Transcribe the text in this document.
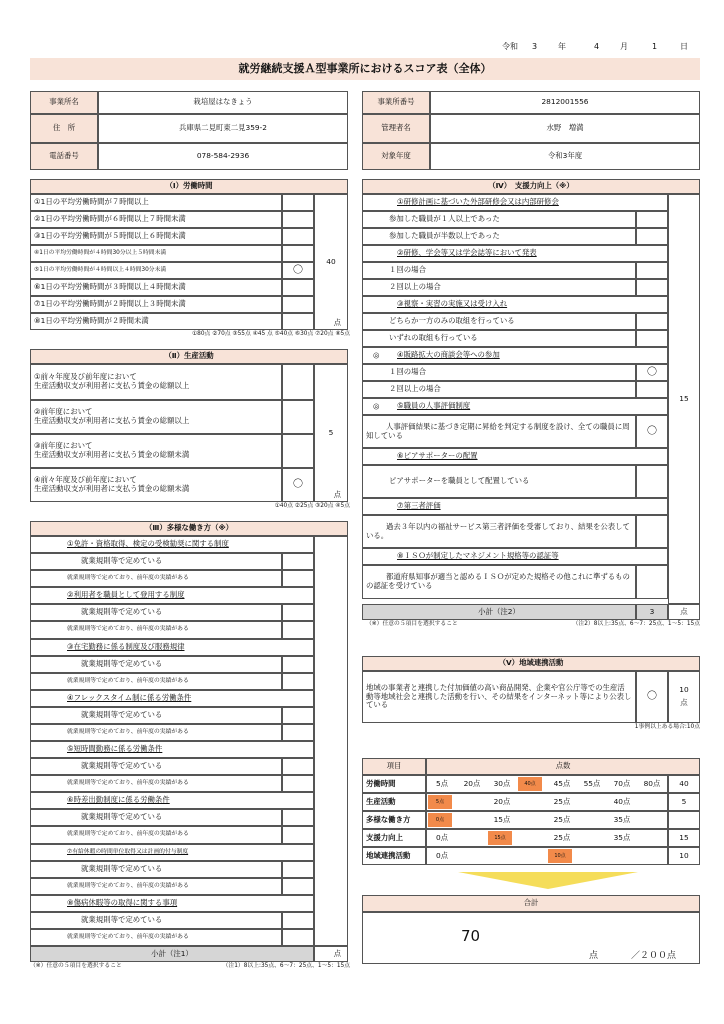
令和 3	年	4	月	1	日
就労継続支援Ａ型事業所におけるスコア表（全体）
事業所名	栽培屋はなきょう
住　所	兵庫県二見町東二見359-2
電話番号	078-584-2936
事業所番号	2812001556
管理者名	水野　増満
対象年度	令和3年度
（Ⅰ）労働時間
①1日の平均労働時間が７時間以上
②1日の平均労働時間が６時間以上７時間未満
③1日の平均労働時間が５時間以上６時間未満
④1日の平均労働時間が４時間30分以上５時間未満
⑤1日の平均労働時間が４時間以上４時間30分未満	〇
⑥1日の平均労働時間が３時間以上４時間未満
⑦1日の平均労働時間が２時間以上３時間未満
⑧1日の平均労働時間が２時間未満
40
点
①80点 ②70点 ③55点 ④45 点 ⑤40点 ⑥30点 ⑦20点 ⑧5点
（Ⅱ）生産活動
①前々年度及び前年度において
生産活動収支が利用者に支払う賃金の総額以上
②前年度において
生産活動収支が利用者に支払う賃金の総額以上
③前年度において
生産活動収支が利用者に支払う賃金の総額未満
④前々年度及び前年度において
生産活動収支が利用者に支払う賃金の総額未満	〇
5
点
①40点 ②25点 ③20点 ④5点
（Ⅲ）多様な働き方（※）
①免許・資格取得、検定の受検勧奨に関する制度
就業規則等で定めている
就業規則等で定めており、前年度の実績がある
②利用者を職員として登用する制度
就業規則等で定めている
就業規則等で定めており、前年度の実績がある
③在宅勤務に係る制度及び服務規律
就業規則等で定めている
就業規則等で定めており、前年度の実績がある
④フレックスタイム制に係る労働条件
就業規則等で定めている
就業規則等で定めており、前年度の実績がある
⑤短時間勤務に係る労働条件
就業規則等で定めている
就業規則等で定めており、前年度の実績がある
⑥時差出勤制度に係る労働条件
就業規則等で定めている
就業規則等で定めており、前年度の実績がある
⑦有給休暇の時間単位取得又は計画的付与制度
就業規則等で定めている
就業規則等で定めており、前年度の実績がある
⑧傷病休暇等の取得に関する事項
就業規則等で定めている
就業規則等で定めており、前年度の実績がある
小計（注1）	点
（※）任意の５項目を選択すること	（注1）8以上:35点、6〜7：25点、1〜5：15点
（Ⅳ）　支援力向上（※）
①研修計画に基づいた外部研修会又は内部研修会
参加した職員が１人以上であった
参加した職員が半数以上であった
②研修、学会等又は学会誌等において発表
１回の場合
２回以上の場合
③視察・実習の実施又は受け入れ
どちらか一方のみの取組を行っている
いずれの取組も行っている
④販路拡大の商談会等への参加
◎
１回の場合	〇
２回以上の場合
⑤職員の人事評価制度
◎
人事評価結果に基づき定期に昇給を判定する制度を設け、全ての職員に周知している	〇
⑥ピアサポーターの配置
ピアサポーターを職員として配置している
⑦第三者評価
過去３年以内の福祉サービス第三者評価を受審しており、結果を公表している。
⑧ＩＳＯが制定したマネジメント規格等の認証等
都道府県知事が適当と認めるＩＳＯが定めた規格その他これに準ずるものの認証を受けている
15
小計（注2）	3	点
（※）任意の５項目を選択すること	（注2）8以上:35点、6〜7：25点、1〜5：15点
（Ⅴ）地域連携活動
地域の事業者と連携した付加価値の高い商品開発、企業や官公庁等での生産活動等地域社会と連携した活動を行い、その結果をインターネット等により公表している
〇
10
点
1事例以上ある場合:10点
項目	点数
労働時間	5点	20点	30点	40点	45点	55点	70点	80点	40
生産活動	5点	20点	25点	40点	5
多様な働き方	0点	15点	25点	35点
支援力向上	0点	15点	25点	35点	15
地域連携活動	0点	10点	10
合計
70
点	／２００点
